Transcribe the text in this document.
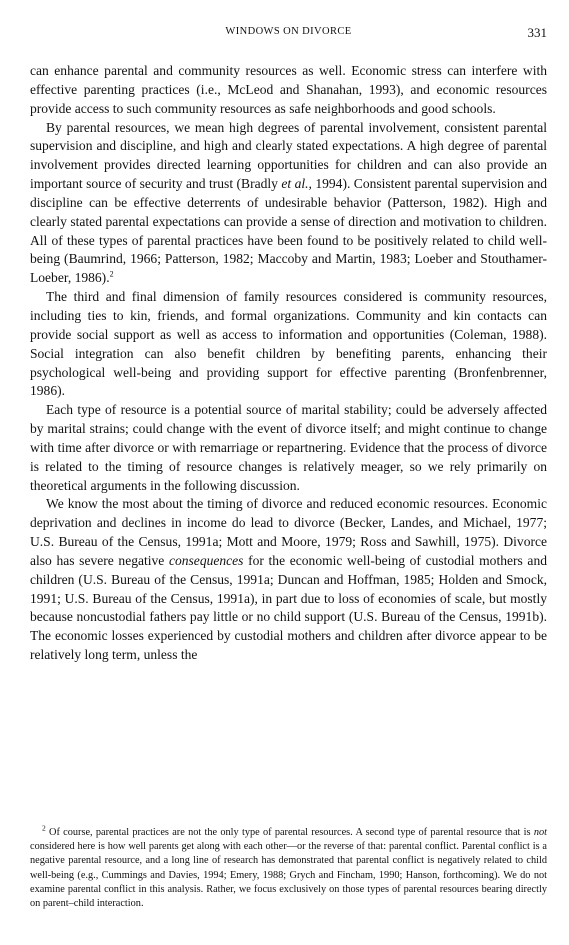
WINDOWS ON DIVORCE	331

can enhance parental and community resources as well. Economic stress can interfere with effective parenting practices (i.e., McLeod and Shanahan, 1993), and economic resources provide access to such community resources as safe neighborhoods and good schools.

By parental resources, we mean high degrees of parental involvement, consistent parental supervision and discipline, and high and clearly stated expectations. A high degree of parental involvement provides directed learning opportunities for children and can also provide an important source of security and trust (Bradly et al., 1994). Consistent parental supervision and discipline can be effective deterrents of undesirable behavior (Patterson, 1982). High and clearly stated parental expectations can provide a sense of direction and motivation to children. All of these types of parental practices have been found to be positively related to child well-being (Baumrind, 1966; Patterson, 1982; Maccoby and Martin, 1983; Loeber and Stouthamer-Loeber, 1986).$^2$

The third and final dimension of family resources considered is community resources, including ties to kin, friends, and formal organizations. Community and kin contacts can provide social support as well as access to information and opportunities (Coleman, 1988). Social integration can also benefit children by benefiting parents, enhancing their psychological well-being and providing support for effective parenting (Bronfenbrenner, 1986).

Each type of resource is a potential source of marital stability; could be adversely affected by marital strains; could change with the event of divorce itself; and might continue to change with time after divorce or with remarriage or repartnering. Evidence that the process of divorce is related to the timing of resource changes is relatively meager, so we rely primarily on theoretical arguments in the following discussion.

We know the most about the timing of divorce and reduced economic resources. Economic deprivation and declines in income do lead to divorce (Becker, Landes, and Michael, 1977; U.S. Bureau of the Census, 1991a; Mott and Moore, 1979; Ross and Sawhill, 1975). Divorce also has severe negative consequences for the economic well-being of custodial mothers and children (U.S. Bureau of the Census, 1991a; Duncan and Hoffman, 1985; Holden and Smock, 1991; U.S. Bureau of the Census, 1991a), in part due to loss of economies of scale, but mostly because noncustodial fathers pay little or no child support (U.S. Bureau of the Census, 1991b). The economic losses experienced by custodial mothers and children after divorce appear to be relatively long term, unless the

$^2$ Of course, parental practices are not the only type of parental resources. A second type of parental resource that is not considered here is how well parents get along with each other—or the reverse of that: parental conflict. Parental conflict is a negative parental resource, and a long line of research has demonstrated that parental conflict is negatively related to child well-being (e.g., Cummings and Davies, 1994; Emery, 1988; Grych and Fincham, 1990; Hanson, forthcoming). We do not examine parental conflict in this analysis. Rather, we focus exclusively on those types of parental resources bearing directly on parent–child interaction.
